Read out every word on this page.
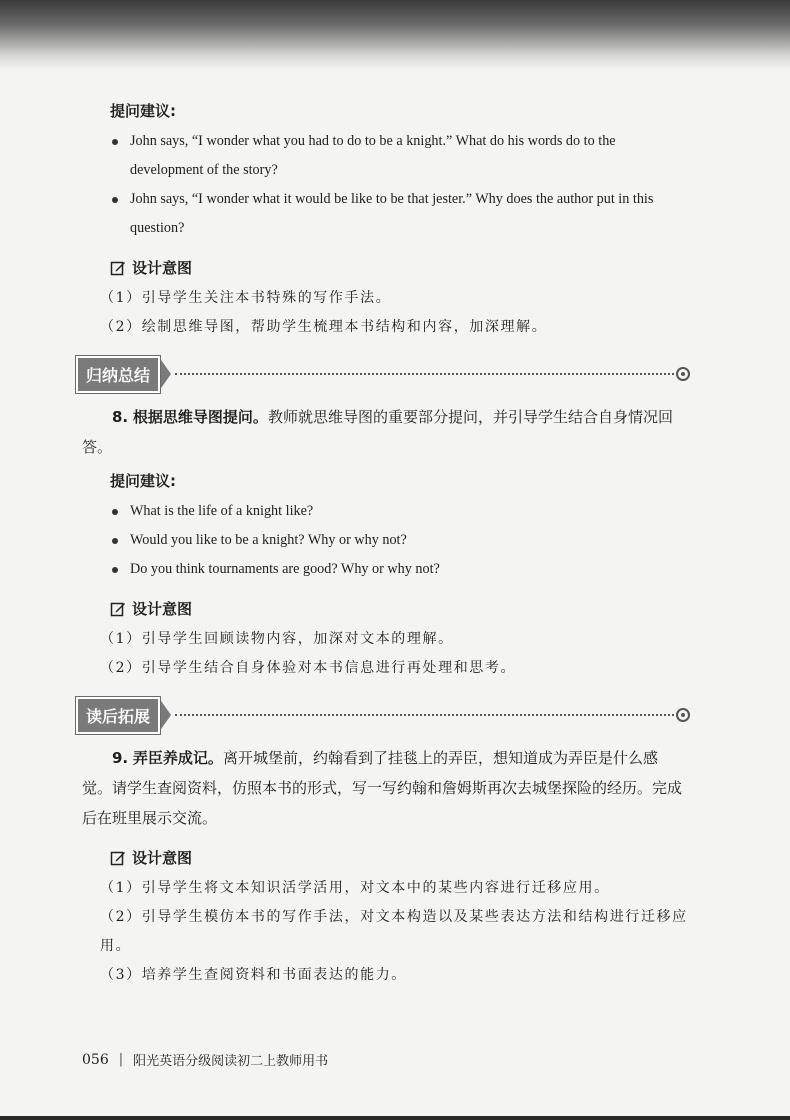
提问建议:
John says, “I wonder what you had to do to be a knight.” What do his words do to the development of the story?
John says, “I wonder what it would be like to be that jester.” Why does the author put in this question?
设计意图
（1）引导学生关注本书特殊的写作手法。
（2）绘制思维导图，帮助学生梳理本书结构和内容，加深理解。
归纳总结

8. 根据思维导图提问。教师就思维导图的重要部分提问，并引导学生结合自身情况回答。

提问建议:
What is the life of a knight like?
Would you like to be a knight? Why or why not?
Do you think tournaments are good? Why or why not?
设计意图
（1）引导学生回顾读物内容，加深对文本的理解。
（2）引导学生结合自身体验对本书信息进行再处理和思考。
读后拓展

9. 弄臣养成记。离开城堡前，约翰看到了挂毯上的弄臣，想知道成为弄臣是什么感觉。请学生查阅资料，仿照本书的形式，写一写约翰和詹姆斯再次去城堡探险的经历。完成后在班里展示交流。

设计意图
（1）引导学生将文本知识活学活用，对文本中的某些内容进行迁移应用。
（2）引导学生模仿本书的写作手法，对文本构造以及某些表达方法和结构进行迁移应用。
（3）培养学生查阅资料和书面表达的能力。
056 | 阳光英语分级阅读初二上教师用书
